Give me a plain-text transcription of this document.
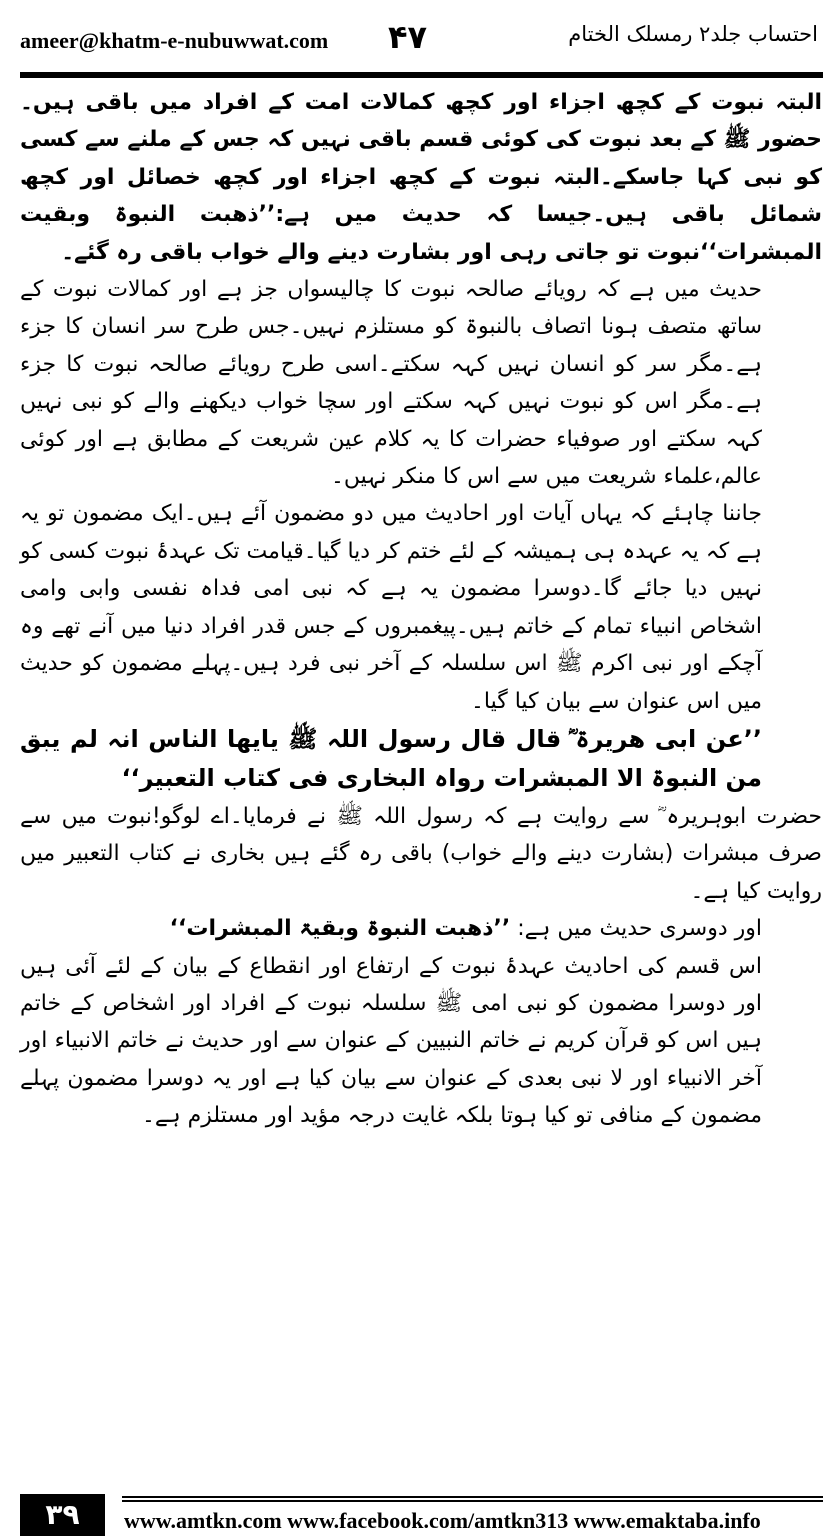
ameer@khatm-e-nubuwwat.com ۴۷	احتساب جلد۲ رمسلک الختام

البتہ نبوت کے کچھ اجزاء اور کچھ کمالات امت کے افراد میں باقی ہیں۔حضور ﷺ کے بعد نبوت کی کوئی قسم باقی نہیں کہ جس کے ملنے سے کسی کو نبی کہا جاسکے۔البتہ نبوت کے کچھ اجزاء اور کچھ خصائل اور کچھ شمائل باقی ہیں۔جیسا کہ حدیث میں ہے:’’ذھبت النبوۃ وبقیت المبشرات‘‘نبوت تو جاتی رہی اور بشارت دینے والے خواب باقی رہ گئے۔

حدیث میں ہے کہ رویائے صالحہ نبوت کا چالیسواں جز ہے اور کمالات نبوت کے ساتھ متصف ہونا اتصاف بالنبوۃ کو مستلزم نہیں۔جس طرح سر انسان کا جزء ہے۔مگر سر کو انسان نہیں کہہ سکتے۔اسی طرح رویائے صالحہ نبوت کا جزء ہے۔مگر اس کو نبوت نہیں کہہ سکتے اور سچا خواب دیکھنے والے کو نبی نہیں کہہ سکتے اور صوفیاء حضرات کا یہ کلام عین شریعت کے مطابق ہے اور کوئی عالم،علماء شریعت میں سے اس کا منکر نہیں۔

جاننا چاہئے کہ یہاں آیات اور احادیث میں دو مضمون آئے ہیں۔ایک مضمون تو یہ ہے کہ یہ عہدہ ہی ہمیشہ کے لئے ختم کر دیا گیا۔قیامت تک عہدۂ نبوت کسی کو نہیں دیا جائے گا۔دوسرا مضمون یہ ہے کہ نبی امی فداہ نفسی وابی وامی اشخاص انبیاء تمام کے خاتم ہیں۔پیغمبروں کے جس قدر افراد دنیا میں آنے تھے وہ آچکے اور نبی اکرم ﷺ اس سلسلہ کے آخر نبی فرد ہیں۔پہلے مضمون کو حدیث میں اس عنوان سے بیان کیا گیا۔

’’عن ابی ھریرۃ ؓ قال قال رسول اللہ ﷺ یایھا الناس انہ لم یبق من النبوۃ الا المبشرات رواہ البخاری فی کتاب التعبیر‘‘

حضرت ابوہریرہ ؓ سے روایت ہے کہ رسول اللہ ﷺ نے فرمایا۔اے لوگو!نبوت میں سے صرف مبشرات (بشارت دینے والے خواب) باقی رہ گئے ہیں بخاری نے کتاب التعبیر میں روایت کیا ہے۔

اور دوسری حدیث میں ہے: ’’ذھبت النبوۃ وبقیۃ المبشرات‘‘

اس قسم کی احادیث عہدۂ نبوت کے ارتفاع اور انقطاع کے بیان کے لئے آئی ہیں اور دوسرا مضمون کو نبی امی ﷺ سلسلہ نبوت کے افراد اور اشخاص کے خاتم ہیں اس کو قرآن کریم نے خاتم النبیین کے عنوان سے اور حدیث نے خاتم الانبیاء اور آخر الانبیاء اور لا نبی بعدی کے عنوان سے بیان کیا ہے اور یہ دوسرا مضمون پہلے مضمون کے منافی تو کیا ہوتا بلکہ غایت درجہ مؤید اور مستلزم ہے۔

۳۹	www.amtkn.com www.facebook.com/amtkn313 www.emaktaba.info
